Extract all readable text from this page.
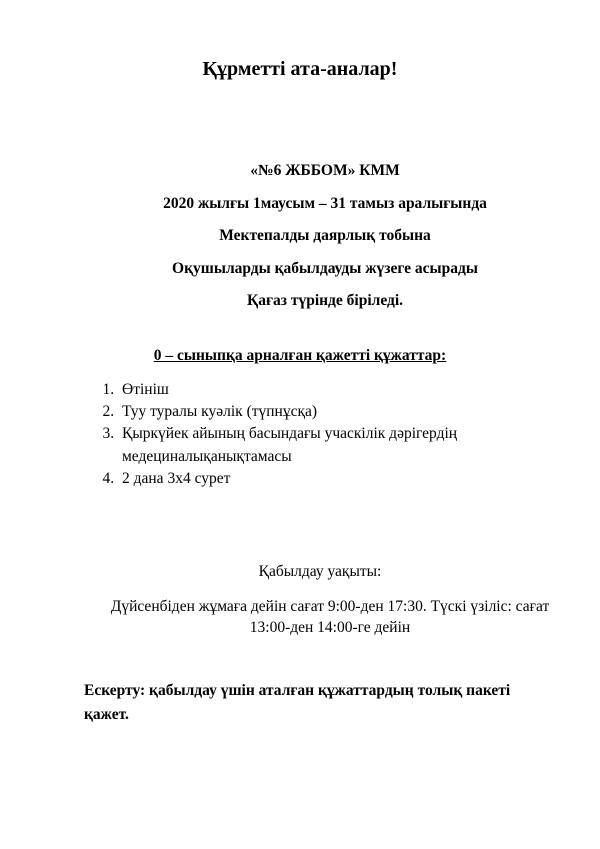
Құрметті ата-аналар!
«№6 ЖББОМ» КММ
2020 жылғы 1маусым – 31 тамыз аралығында
Мектепалды даярлық тобына
Оқушыларды қабылдауды жүзеге асырады
Қағаз түрінде біріледі.
0 – сыныпқа арналған қажетті құжаттар:
1. Өтініш
2. Туу туралы куәлік (түпнұсқа)
3. Қыркүйек айының басындағы учаскілік дәрігердің медециналықанықтамасы
4. 2 дана 3х4 сурет
Қабылдау уақыты:
Дүйсенбіден жұмаға дейін сағат 9:00-ден 17:30. Түскі үзіліс: сағат 13:00-ден 14:00-ге дейін
Ескерту: қабылдау үшін аталған құжаттардың толық пакеті қажет.
